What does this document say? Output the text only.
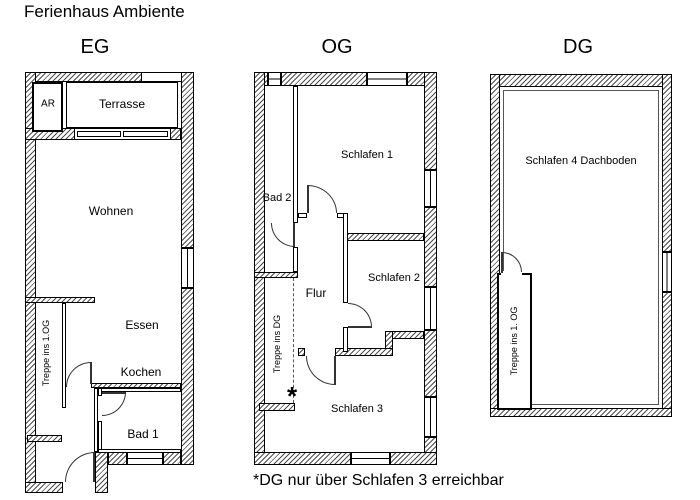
Ferienhaus Ambiente
EG	OG	DG
AR	Terrasse
Wohnen
Essen
Kochen
Bad 1
Treppe ins 1.OG
Schlafen 1
Bad 2
Flur
Schlafen 2
Schlafen 3
Treppe ins DG
*
Schlafen 4 Dachboden
Treppe ins 1. OG
*DG nur über Schlafen 3 erreichbar
